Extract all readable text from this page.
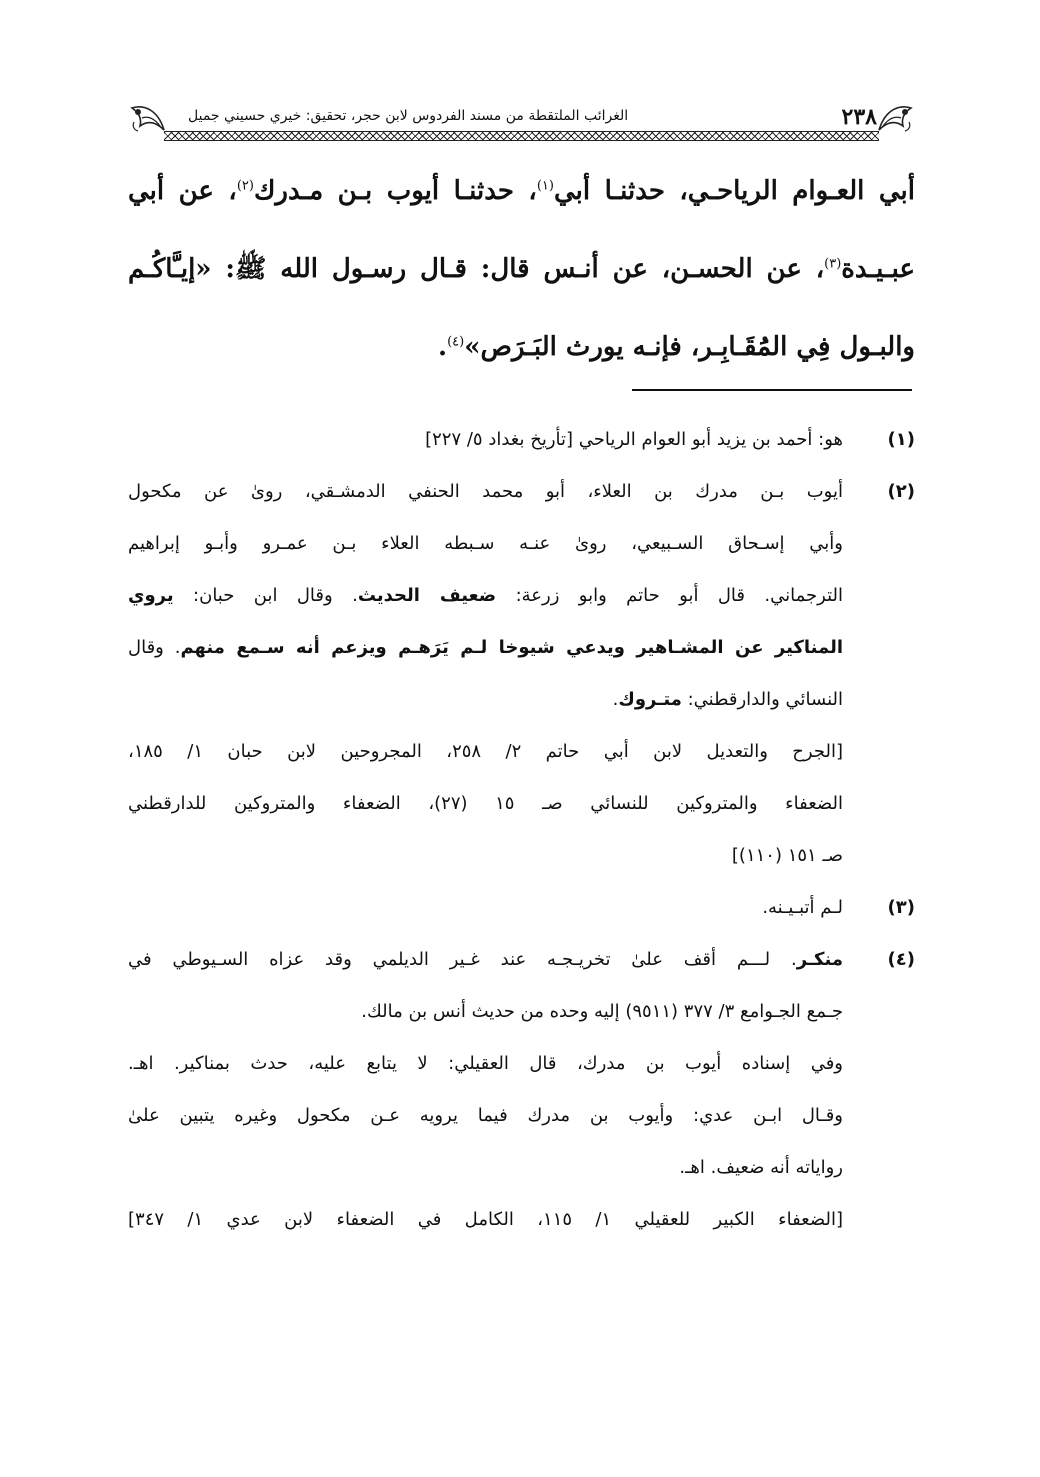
٢٣٨
الغرائب الملتقطة من مسند الفردوس لابن حجر، تحقيق: خيري حسيني جميل
أبي العـوام الرياحـي، حدثنـا أبي$^{(١)}$، حدثنـا أيوب بـن مـدرك$^{(٢)}$، عن أبي
عبـيـدة$^{(٣)}$، عن الحسـن، عن أنـس قال: قـال رسـول الله ﷺ: «إيـَّاكُـم
والبـول فِي المَُقَـابِـر، فإنـه يورث البَـرَص»$^{(٤)}$.
(١)
هو: أحمد بن يزيد أبو العوام الرياحي [تأريخ بغداد ٥/ ٢٢٧]
(٢)
أيوب بـن مدرك بن العلاء، أبو محمد الحنفي الدمشـقي، روىٰ عن مكحول
وأبي إسـحاق السـبيعي، روىٰ عنـه سـبطه العلاء بـن عمـرو وأبـو إبراهيم
الترجماني. قال أبو حاتم وابو زرعة: ضعيف الحديث. وقال ابن حبان: يروي
المناكير عن المشـاهير ويدعي شيوخا لـم يَرَهـم ويزعم أنه سـمع منهم. وقال
النسائي والدارقطني: متـروك.
[الجرح والتعديل لابن أبي حاتم ٢/ ٢٥٨، المجروحين لابن حبان ١/ ١٨٥،
الضعفاء والمتروكين للنسائي صـ ١٥ (٢٧)، الضعفاء والمتروكين للدارقطني
صـ ١٥١ (١١٠)]
(٣)
لـم أتبـيـنه.
(٤)
منكـر. لـــم أقف علىٰ تخريـجـه عند غـير الديلمي وقد عزاه السـيوطي في
جـمع الجـوامع ٣/ ٣٧٧ (٩٥١١) إليه وحده من حديث أنس بن مالك.
وفي إسناده أيوب بن مدرك، قال العقيلي: لا يتابع عليه، حدث بمناكير. اهـ.
وقـال ابـن عدي: وأيوب بن مدرك فيما يرويه عـن مكحول وغيره يتبين علىٰ
رواياته أنه ضعيف. اهـ.
[الضعفاء الكبير للعقيلي ١/ ١١٥، الكامل في الضعفاء لابن عدي ١/ ٣٤٧]
